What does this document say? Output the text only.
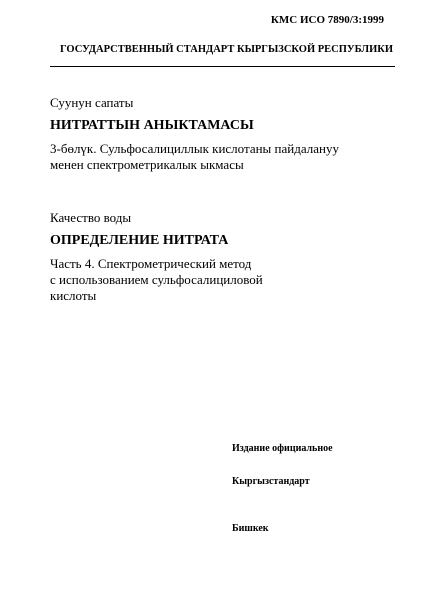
КМС ИСО 7890/3:1999
ГОСУДАРСТВЕННЫЙ СТАНДАРТ КЫРГЫЗСКОЙ РЕСПУБЛИКИ
Суунун сапаты
НИТРАТТЫН АНЫКТАМАСЫ
3-бөлүк. Сульфосалициллык кислотаны пайдалануу
менен спектрометрикалык ыкмасы
Качество воды
ОПРЕДЕЛЕНИЕ НИТРАТА
Часть 4. Спектрометрический метод
с использованием сульфосалициловой
кислоты
Издание официальное
Кыргызстандарт
Бишкек
